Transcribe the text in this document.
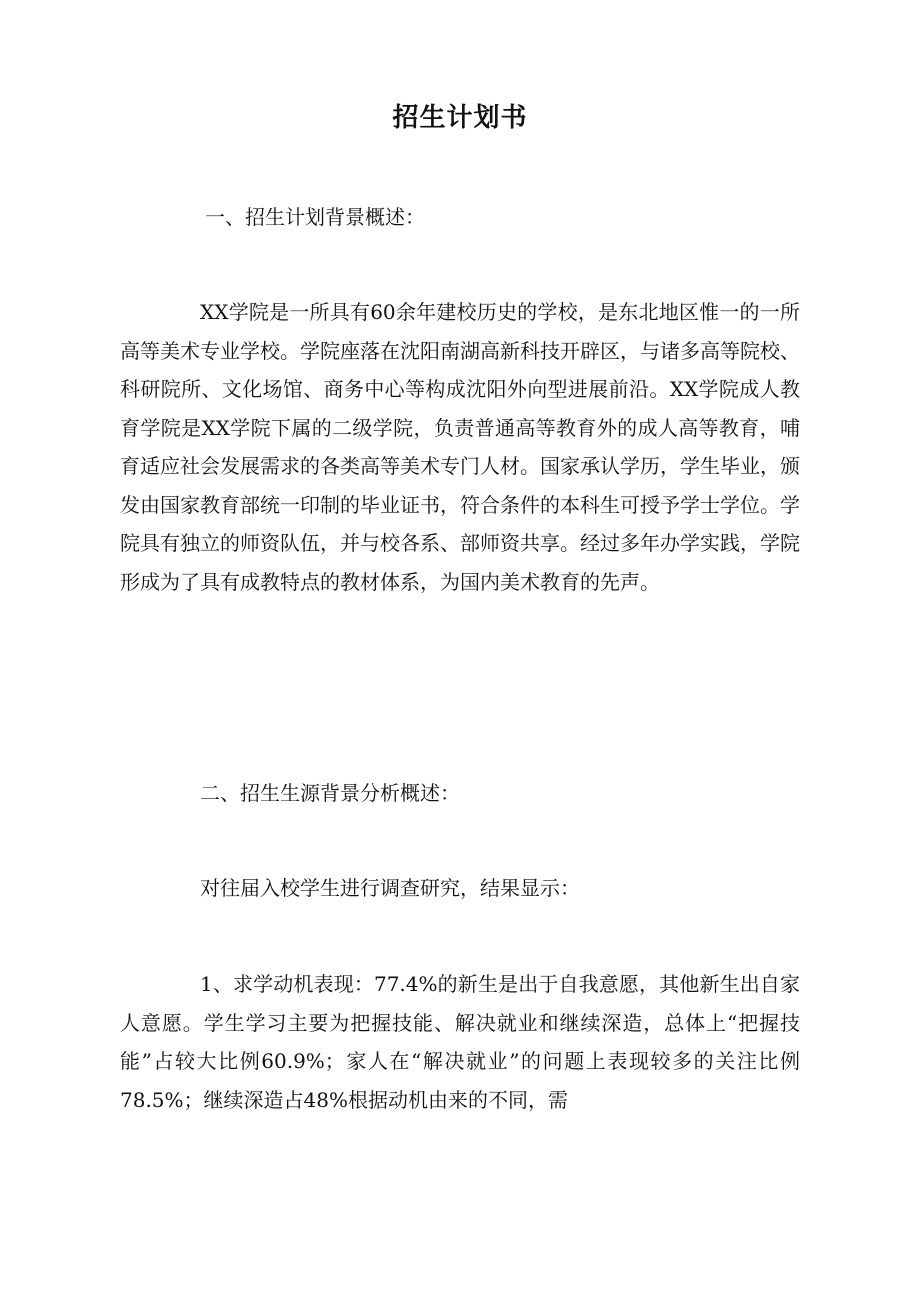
招生计划书
一、招生计划背景概述：
XX学院是一所具有60余年建校历史的学校，是东北地区惟一的一所高等美术专业学校。学院座落在沈阳南湖高新科技开辟区，与诸多高等院校、科研院所、文化场馆、商务中心等构成沈阳外向型进展前沿。XX学院成人教育学院是XX学院下属的二级学院，负责普通高等教育外的成人高等教育，哺育适应社会发展需求的各类高等美术专门人材。国家承认学历，学生毕业，颁发由国家教育部统一印制的毕业证书，符合条件的本科生可授予学士学位。学院具有独立的师资队伍，并与校各系、部师资共享。经过多年办学实践，学院形成为了具有成教特点的教材体系，为国内美术教育的先声。
二、招生生源背景分析概述：
对往届入校学生进行调查研究，结果显示：
1、求学动机表现：77.4%的新生是出于自我意愿，其他新生出自家人意愿。学生学习主要为把握技能、解决就业和继续深造，总体上“把握技能”占较大比例60.9%；家人在“解决就业”的问题上表现较多的关注比例78.5%；继续深造占48%根据动机由来的不同，需
